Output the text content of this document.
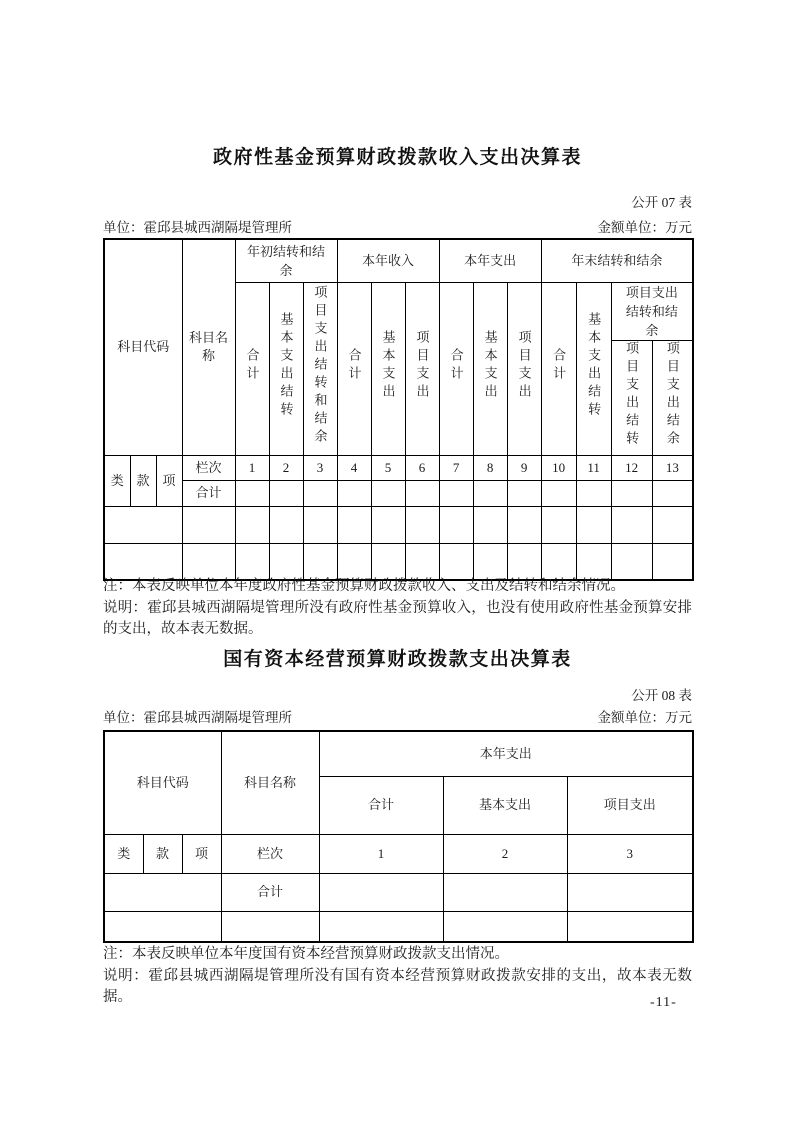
政府性基金预算财政拨款收入支出决算表
公开 07 表
单位：霍邱县城西湖隔堤管理所	金额单位：万元
科目代码			科目名称	年初结转和结余			本年收入			本年支出			年末结转和结余			
				合计	基本支出结转	项目支出结转和结余	合计	基本支出	项目支出	合计	基本支出	项目支出	合计	基本支出结转	项目支出结转和结余	
															项目支出结转	项目支出结余
类	款	项	栏次	1	2	3	4	5	6	7	8	9	10	11	12	13
			合计													

注：本表反映单位本年度政府性基金预算财政拨款收入、支出及结转和结余情况。
说明：霍邱县城西湖隔堤管理所没有政府性基金预算收入，也没有使用政府性基金预算安排的支出，故本表无数据。
国有资本经营预算财政拨款支出决算表
公开 08 表
单位：霍邱县城西湖隔堤管理所	金额单位：万元
科目代码			科目名称	本年支出		
				合计	基本支出	项目支出
类	款	项	栏次	1	2	3
			合计			

注：本表反映单位本年度国有资本经营预算财政拨款支出情况。
说明：霍邱县城西湖隔堤管理所没有国有资本经营预算财政拨款安排的支出，故本表无数据。	-11-
